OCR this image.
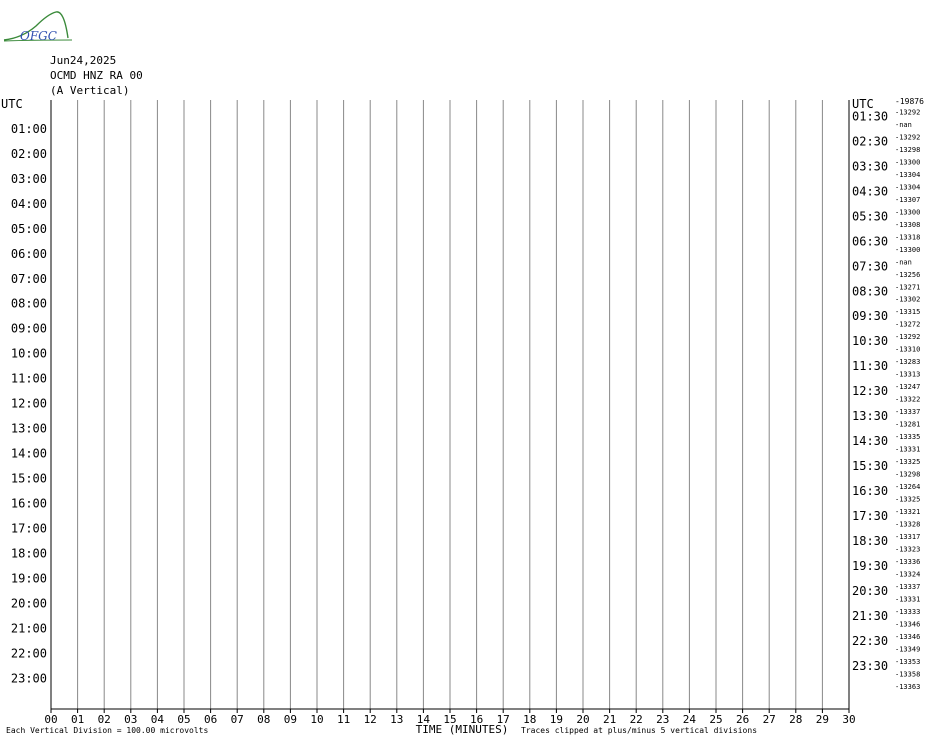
00 01 02 03 04 05 06 07 08 09 10 11 12 13 14 15 16 17 18 19 20 21 22 23 24 25 26 27 28 29 30
UTC	UTC	-19876
01:00
02:00
03:00
04:00
05:00
06:00
07:00
08:00
09:00
10:00
11:00
12:00
13:00
14:00
15:00
16:00
17:00
18:00
19:00
20:00
21:00
22:00
23:00
01:30
02:30
03:30
04:30
05:30
06:30
07:30
08:30
09:30
10:30
11:30
12:30
13:30
14:30
15:30
16:30
17:30
18:30
19:30
20:30
21:30
22:30
23:30
-13292
-nan
-13292
-13298
-13300
-13304
-13304
-13307
-13300
-13308
-13318
-13300
-nan
-13256
-13271
-13302
-13315
-13272
-13292
-13310
-13283
-13313
-13247
-13322
-13337
-13281
-13335
-13331
-13325
-13298
-13264
-13325
-13321
-13328
-13317
-13323
-13336
-13324
-13337
-13331
-13333
-13346
-13346
-13349
-13353
-13358
-13363
Each Vertical Division = 100.00 microvolts	TIME (MINUTES) Traces clipped at plus/minus 5 vertical divisions
OFGC
Jun24,2025
OCMD HNZ RA 00
(A Vertical)
